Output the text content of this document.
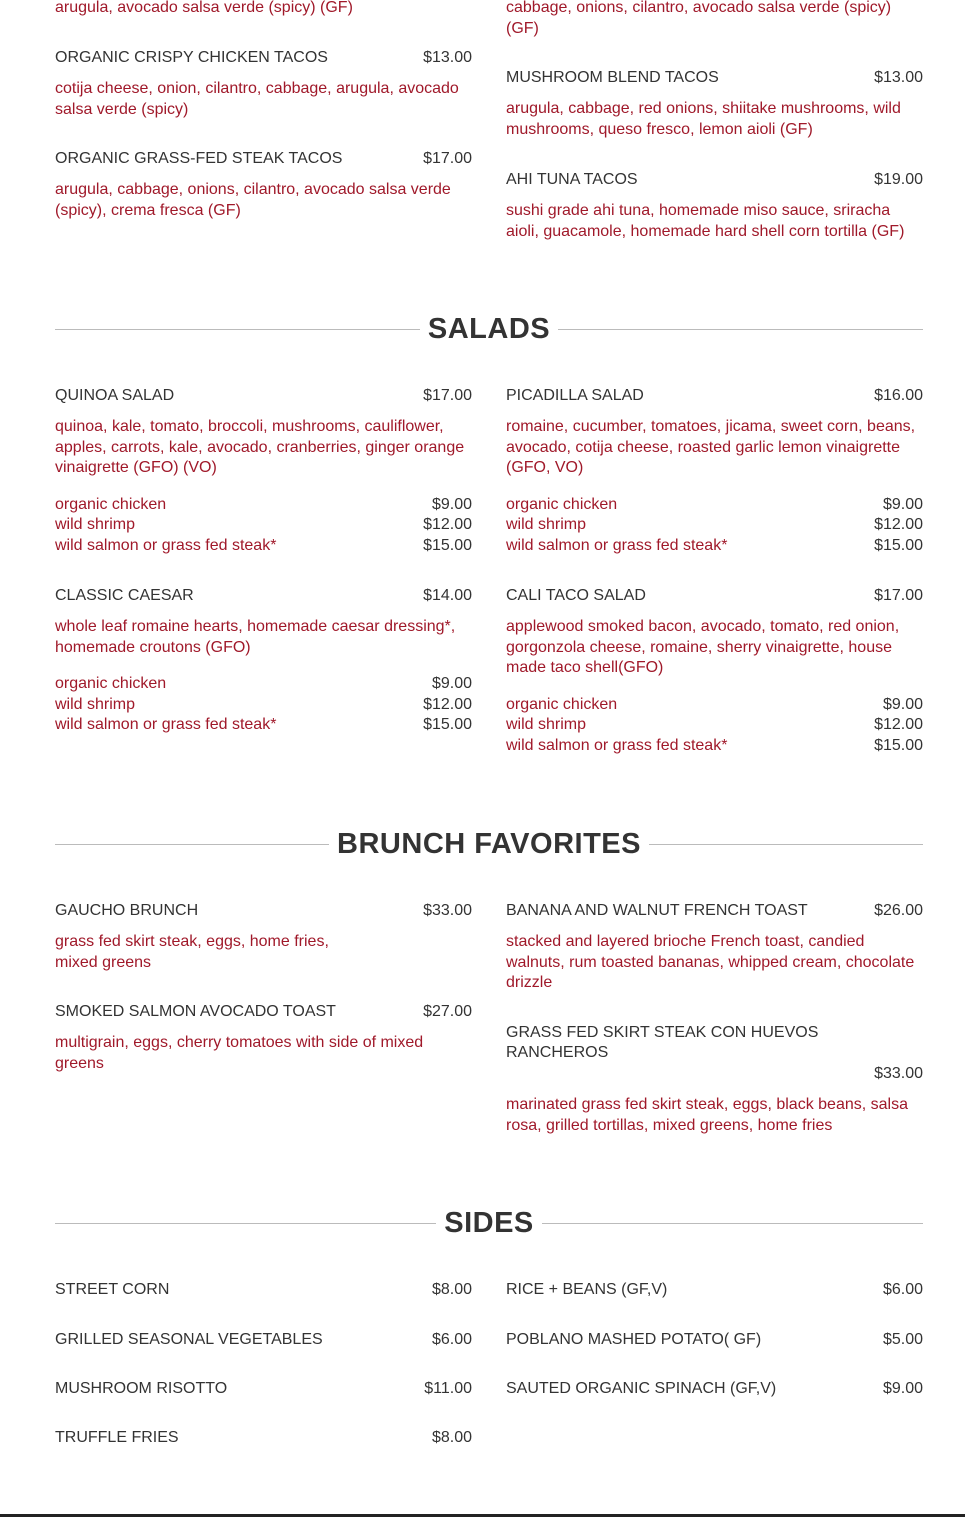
arugula, avocado salsa verde (spicy) (GF)
ORGANIC CRISPY CHICKEN TACOS	$13.00
cotija cheese, onion, cilantro, cabbage, arugula, avocado salsa verde (spicy)
ORGANIC GRASS-FED STEAK TACOS	$17.00
arugula, cabbage, onions, cilantro, avocado salsa verde (spicy), crema fresca (GF)
cabbage, onions, cilantro, avocado salsa verde (spicy) (GF)
MUSHROOM BLEND TACOS	$13.00
arugula, cabbage, red onions, shiitake mushrooms, wild mushrooms, queso fresco, lemon aioli (GF)
AHI TUNA TACOS	$19.00
sushi grade ahi tuna, homemade miso sauce, sriracha aioli, guacamole, homemade hard shell corn tortilla (GF)
SALADS
QUINOA SALAD	$17.00
quinoa, kale, tomato, broccoli, mushrooms, cauliflower, apples, carrots, kale, avocado, cranberries, ginger orange vinaigrette (GFO) (VO)
organic chicken	$9.00
wild shrimp	$12.00
wild salmon or grass fed steak*	$15.00
CLASSIC CAESAR	$14.00
whole leaf romaine hearts, homemade caesar dressing*, homemade croutons (GFO)
organic chicken	$9.00
wild shrimp	$12.00
wild salmon or grass fed steak*	$15.00
PICADILLA SALAD	$16.00
romaine, cucumber, tomatoes, jicama, sweet corn, beans, avocado, cotija cheese, roasted garlic lemon vinaigrette (GFO, VO)
organic chicken	$9.00
wild shrimp	$12.00
wild salmon or grass fed steak*	$15.00
CALI TACO SALAD	$17.00
applewood smoked bacon, avocado, tomato, red onion, gorgonzola cheese, romaine, sherry vinaigrette, house made taco shell(GFO)
organic chicken	$9.00
wild shrimp	$12.00
wild salmon or grass fed steak*	$15.00
BRUNCH FAVORITES
GAUCHO BRUNCH	$33.00
grass fed skirt steak, eggs, home fries,
mixed greens
SMOKED SALMON AVOCADO TOAST	$27.00
multigrain, eggs, cherry tomatoes with side of mixed greens
BANANA AND WALNUT FRENCH TOAST	$26.00
stacked and layered brioche French toast, candied walnuts, rum toasted bananas, whipped cream, chocolate drizzle
GRASS FED SKIRT STEAK CON HUEVOS RANCHEROS
$33.00
marinated grass fed skirt steak, eggs, black beans, salsa rosa, grilled tortillas, mixed greens, home fries
SIDES
STREET CORN	$8.00
GRILLED SEASONAL VEGETABLES	$6.00
MUSHROOM RISOTTO	$11.00
TRUFFLE FRIES	$8.00
RICE + BEANS (GF,V)	$6.00
POBLANO MASHED POTATO( GF)	$5.00
SAUTED ORGANIC SPINACH (GF,V)	$9.00
